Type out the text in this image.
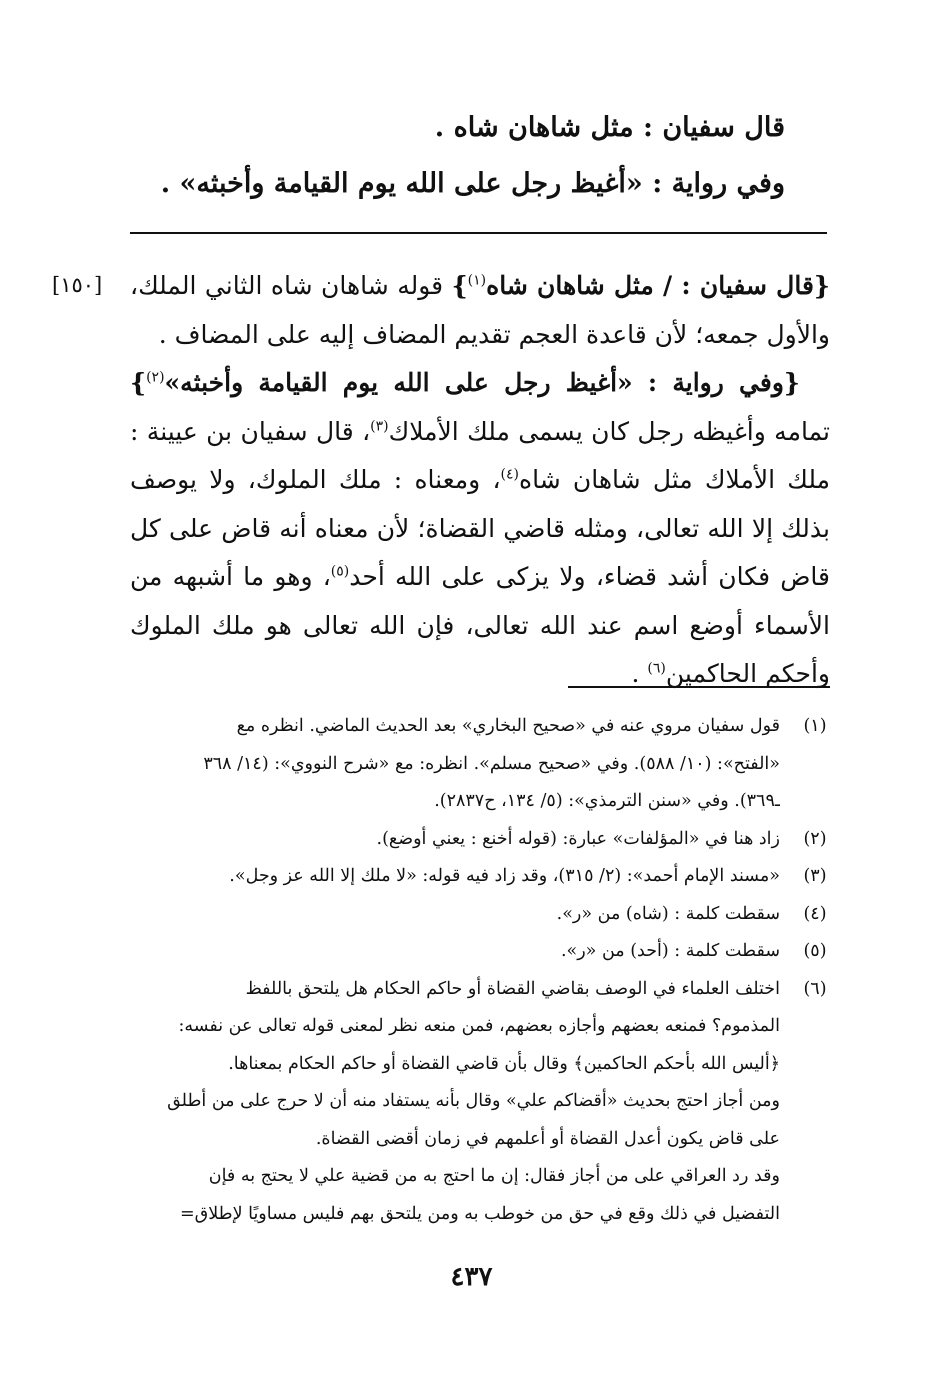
قال سفيان : مثل شاهان شاه .
وفي رواية : «أغيظ رجل على الله يوم القيامة وأخبثه» .
[١٥٠]	{قال سفيان : / مثل شاهان شاه$^{(١)}$} قوله شاهان شاه الثاني الملك، والأول جمعه؛ لأن قاعدة العجم تقديم المضاف إليه على المضاف .

{وفي رواية : «أغيظ رجل على الله يوم القيامة وأخبثه»$^{(٢)}$} تمامه وأغيظه رجل كان يسمى ملك الأملاك$^{(٣)}$، قال سفيان بن عيينة : ملك الأملاك مثل شاهان شاه$^{(٤)}$، ومعناه : ملك الملوك، ولا يوصف بذلك إلا الله تعالى، ومثله قاضي القضاة؛ لأن معناه أنه قاض على كل قاض فكان أشد قضاء، ولا يزكى على الله أحد$^{(٥)}$، وهو ما أشبهه من الأسماء أوضع اسم عند الله تعالى، فإن الله تعالى هو ملك الملوك وأحكم الحاكمين$^{(٦)}$ .

(١)
قول سفيان مروي عنه في «صحيح البخاري» بعد الحديث الماضي. انظره مع
«الفتح»: (١٠/ ٥٨٨). وفي «صحيح مسلم». انظره: مع «شرح النووي»: (١٤/ ٣٦٨
ـ٣٦٩). وفي «سنن الترمذي»: (٥/ ١٣٤، ح٢٨٣٧).
(٢)
زاد هنا في «المؤلفات» عبارة: (قوله أخنع : يعني أوضع).
(٣)
«مسند الإمام أحمد»: (٢/ ٣١٥)، وقد زاد فيه قوله: «لا ملك إلا الله عز وجل».
(٤)
سقطت كلمة : (شاه) من «ر».
(٥)
سقطت كلمة : (أحد) من «ر».
(٦)
اختلف العلماء في الوصف بقاضي القضاة أو حاكم الحكام هل يلتحق باللفظ
المذموم؟ فمنعه بعضهم وأجازه بعضهم، فمن منعه نظر لمعنى قوله تعالى عن نفسه:
﴿أليس الله بأحكم الحاكمين﴾ وقال بأن قاضي القضاة أو حاكم الحكام بمعناها.
ومن أجاز احتج بحديث «أقضاكم علي» وقال بأنه يستفاد منه أن لا حرج على من أطلق
على قاض يكون أعدل القضاة أو أعلمهم في زمان أقضى القضاة.
وقد رد العراقي على من أجاز فقال: إن ما احتج به من قضية علي لا يحتج به فإن
التفضيل في ذلك وقع في حق من خوطب به ومن يلتحق بهم فليس مساويًا لإطلاق=
٤٣٧
